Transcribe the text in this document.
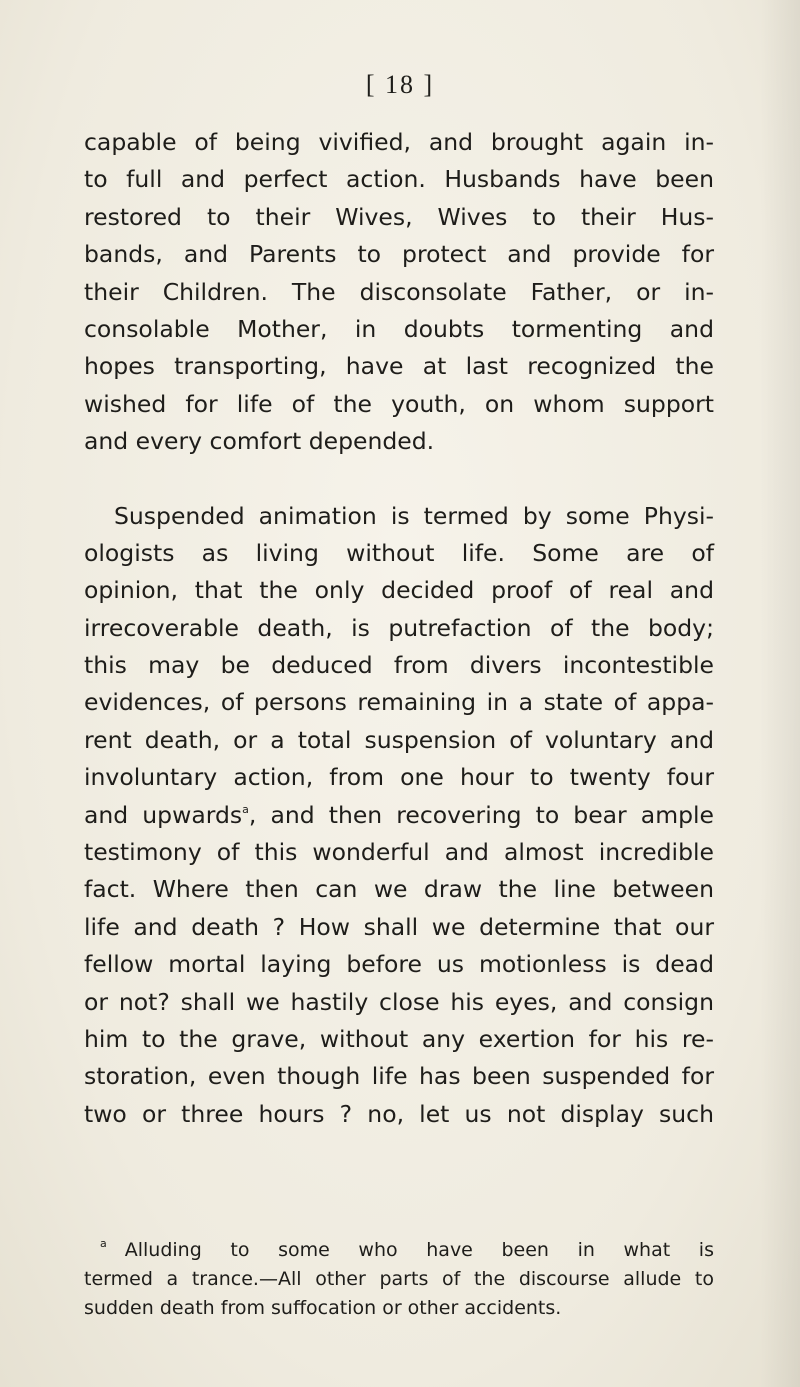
[ 18 ]
capable of being vivified, and brought again in-
to full and perfect action. Husbands have been
restored to their Wives, Wives to their Hus-
bands, and Parents to protect and provide for
their Children. The disconsolate Father, or in-
consolable Mother, in doubts tormenting and
hopes transporting, have at last recognized the
wished for life of the youth, on whom support
and every comfort depended.
Suspended animation is termed by some Physi-
ologists as living without life. Some are of
opinion, that the only decided proof of real and
irrecoverable death, is putrefaction of the body;
this may be deduced from divers incontestible
evidences, of persons remaining in a state of appa-
rent death, or a total suspension of voluntary and
involuntary action, from one hour to twenty four
and upwards$^a$, and then recovering to bear ample
testimony of this wonderful and almost incredible
fact. Where then can we draw the line between
life and death ? How shall we determine that our
fellow mortal laying before us motionless is dead
or not? shall we hastily close his eyes, and consign
him to the grave, without any exertion for his re-
storation, even though life has been suspended for
two or three hours ? no, let us not display such
$^a$ Alluding to some who have been in what is
termed a trance.—All other parts of the discourse allude to
sudden death from suffocation or other accidents.
